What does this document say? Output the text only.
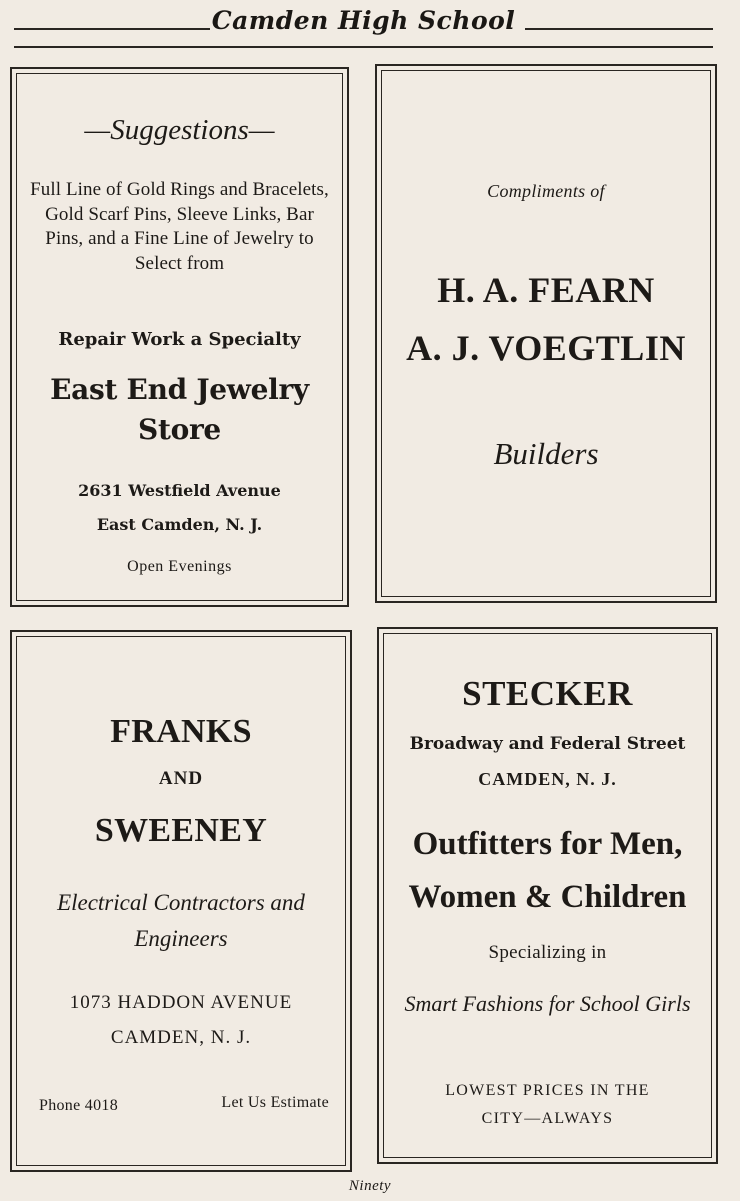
Camden High School
—Suggestions—
Full Line of Gold Rings and Bracelets, Gold Scarf Pins, Sleeve Links, Bar Pins, and a Fine Line of Jewelry to Select from
Repair Work a Specialty
East End Jewelry Store
2631 Westfield Avenue
East Camden, N. J.
Open Evenings
Compliments of
H. A. FEARN
A. J. VOEGTLIN
Builders
FRANKS
AND
SWEENEY
Electrical Contractors and Engineers
1073 HADDON AVENUE
CAMDEN, N. J.
Phone 4018	Let Us Estimate
STECKER
Broadway and Federal Street
CAMDEN, N. J.
Outfitters for Men,
Women & Children
Specializing in
Smart Fashions for School Girls
LOWEST PRICES IN THE
CITY—ALWAYS
Ninety
